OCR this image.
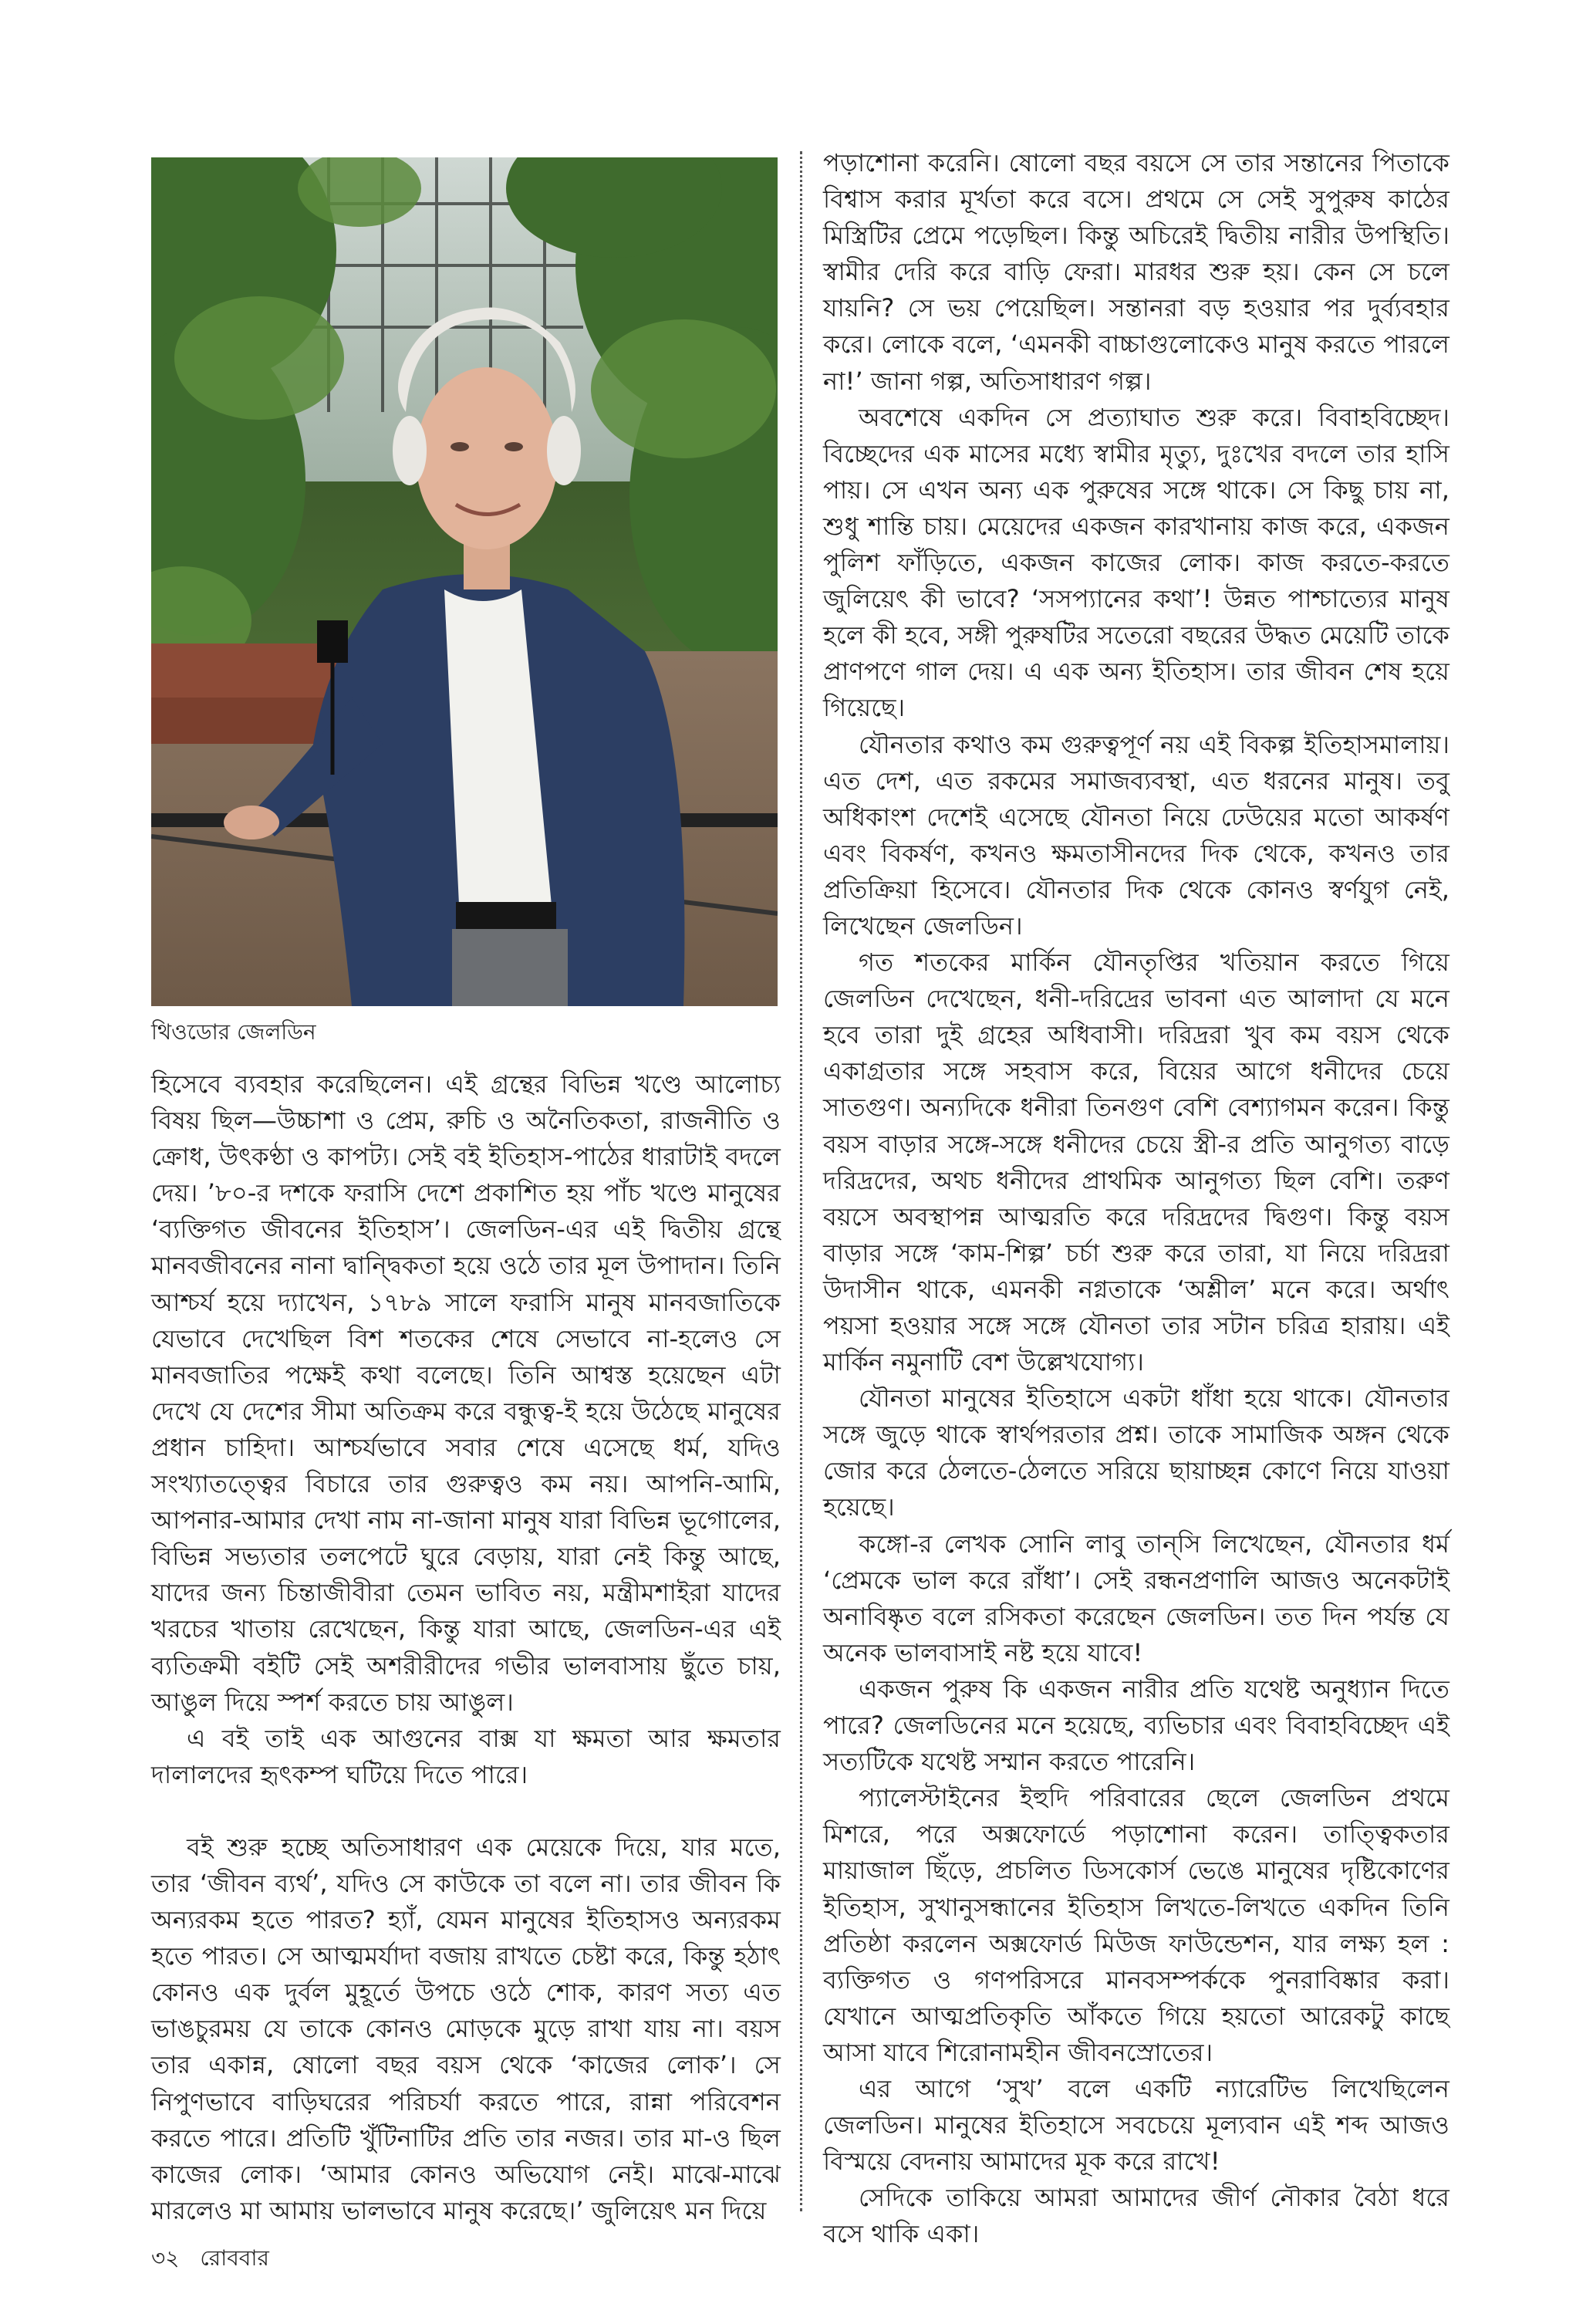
থিওডোর জেলডিন

হিসেবে ব্যবহার করেছিলেন। এই গ্রন্থের বিভিন্ন খণ্ডে আলোচ্য বিষয় ছিল—উচ্চাশা ও প্রেম, রুচি ও অনৈতিকতা, রাজনীতি ও ক্রোধ, উৎকণ্ঠা ও কাপট্য। সেই বই ইতিহাস-পাঠের ধারাটাই বদলে দেয়। ’৮০-র দশকে ফরাসি দেশে প্রকাশিত হয় পাঁচ খণ্ডে মানুষের ‘ব্যক্তিগত জীবনের ইতিহাস’। জেলডিন-এর এই দ্বিতীয় গ্রন্থে মানবজীবনের নানা দ্বান্দ্বিকতা হয়ে ওঠে তার মূল উপাদান। তিনি আশ্চর্য হয়ে দ্যাখেন, ১৭৮৯ সালে ফরাসি মানুষ মানবজাতিকে যেভাবে দেখেছিল বিশ শতকের শেষে সেভাবে না-হলেও সে মানবজাতির পক্ষেই কথা বলেছে। তিনি আশ্বস্ত হয়েছেন এটা দেখে যে দেশের সীমা অতিক্রম করে বন্ধুত্ব-ই হয়ে উঠেছে মানুষের প্রধান চাহিদা। আশ্চর্যভাবে সবার শেষে এসেছে ধর্ম, যদিও সংখ্যাতত্ত্বের বিচারে তার গুরুত্বও কম নয়। আপনি-আমি, আপনার-আমার দেখা নাম না-জানা মানুষ যারা বিভিন্ন ভূগোলের, বিভিন্ন সভ্যতার তলপেটে ঘুরে বেড়ায়, যারা নেই কিন্তু আছে, যাদের জন্য চিন্তাজীবীরা তেমন ভাবিত নয়, মন্ত্রীমশাইরা যাদের খরচের খাতায় রেখেছেন, কিন্তু যারা আছে, জেলডিন-এর এই ব্যতিক্রমী বইটি সেই অশরীরীদের গভীর ভালবাসায় ছুঁতে চায়, আঙুল দিয়ে স্পর্শ করতে চায় আঙুল।

এ বই তাই এক আগুনের বাক্স যা ক্ষমতা আর ক্ষমতার দালালদের হৃৎকম্প ঘটিয়ে দিতে পারে।

বই শুরু হচ্ছে অতিসাধারণ এক মেয়েকে দিয়ে, যার মতে, তার ‘জীবন ব্যর্থ’, যদিও সে কাউকে তা বলে না। তার জীবন কি অন্যরকম হতে পারত? হ্যাঁ, যেমন মানুষের ইতিহাসও অন্যরকম হতে পারত। সে আত্মমর্যাদা বজায় রাখতে চেষ্টা করে, কিন্তু হঠাৎ কোনও এক দুর্বল মুহূর্তে উপচে ওঠে শোক, কারণ সত্য এত ভাঙচুরময় যে তাকে কোনও মোড়কে মুড়ে রাখা যায় না। বয়স তার একান্ন, ষোলো বছর বয়স থেকে ‘কাজের লোক’। সে নিপুণভাবে বাড়িঘরের পরিচর্যা করতে পারে, রান্না পরিবেশন করতে পারে। প্রতিটি খুঁটিনাটির প্রতি তার নজর। তার মা-ও ছিল কাজের লোক। ‘আমার কোনও অভিযোগ নেই। মাঝে-মাঝে মারলেও মা আমায় ভালভাবে মানুষ করেছে।’ জুলিয়েৎ মন দিয়ে

পড়াশোনা করেনি। ষোলো বছর বয়সে সে তার সন্তানের পিতাকে বিশ্বাস করার মূর্খতা করে বসে। প্রথমে সে সেই সুপুরুষ কাঠের মিস্ত্রিটির প্রেমে পড়েছিল। কিন্তু অচিরেই দ্বিতীয় নারীর উপস্থিতি। স্বামীর দেরি করে বাড়ি ফেরা। মারধর শুরু হয়। কেন সে চলে যায়নি? সে ভয় পেয়েছিল। সন্তানরা বড় হওয়ার পর দুর্ব্যবহার করে। লোকে বলে, ‘এমনকী বাচ্চাগুলোকেও মানুষ করতে পারলে না!’ জানা গল্প, অতিসাধারণ গল্প।

অবশেষে একদিন সে প্রত্যাঘাত শুরু করে। বিবাহবিচ্ছেদ। বিচ্ছেদের এক মাসের মধ্যে স্বামীর মৃত্যু, দুঃখের বদলে তার হাসি পায়। সে এখন অন্য এক পুরুষের সঙ্গে থাকে। সে কিছু চায় না, শুধু শান্তি চায়। মেয়েদের একজন কারখানায় কাজ করে, একজন পুলিশ ফাঁড়িতে, একজন কাজের লোক। কাজ করতে-করতে জুলিয়েৎ কী ভাবে? ‘সসপ্যানের কথা’! উন্নত পাশ্চাত্যের মানুষ হলে কী হবে, সঙ্গী পুরুষটির সতেরো বছরের উদ্ধত মেয়েটি তাকে প্রাণপণে গাল দেয়। এ এক অন্য ইতিহাস। তার জীবন শেষ হয়ে গিয়েছে।

যৌনতার কথাও কম গুরুত্বপূর্ণ নয় এই বিকল্প ইতিহাসমালায়। এত দেশ, এত রকমের সমাজব্যবস্থা, এত ধরনের মানুষ। তবু অধিকাংশ দেশেই এসেছে যৌনতা নিয়ে ঢেউয়ের মতো আকর্ষণ এবং বিকর্ষণ, কখনও ক্ষমতাসীনদের দিক থেকে, কখনও তার প্রতিক্রিয়া হিসেবে। যৌনতার দিক থেকে কোনও স্বর্ণযুগ নেই, লিখেছেন জেলডিন।

গত শতকের মার্কিন যৌনতৃপ্তির খতিয়ান করতে গিয়ে জেলডিন দেখেছেন, ধনী-দরিদ্রের ভাবনা এত আলাদা যে মনে হবে তারা দুই গ্রহের অধিবাসী। দরিদ্ররা খুব কম বয়স থেকে একাগ্রতার সঙ্গে সহবাস করে, বিয়ের আগে ধনীদের চেয়ে সাতগুণ। অন্যদিকে ধনীরা তিনগুণ বেশি বেশ্যাগমন করেন। কিন্তু বয়স বাড়ার সঙ্গে-সঙ্গে ধনীদের চেয়ে স্ত্রী-র প্রতি আনুগত্য বাড়ে দরিদ্রদের, অথচ ধনীদের প্রাথমিক আনুগত্য ছিল বেশি। তরুণ বয়সে অবস্থাপন্ন আত্মরতি করে দরিদ্রদের দ্বিগুণ। কিন্তু বয়স বাড়ার সঙ্গে ‘কাম-শিল্প’ চর্চা শুরু করে তারা, যা নিয়ে দরিদ্ররা উদাসীন থাকে, এমনকী নগ্নতাকে ‘অশ্লীল’ মনে করে। অর্থাৎ পয়সা হওয়ার সঙ্গে সঙ্গে যৌনতা তার সটান চরিত্র হারায়। এই মার্কিন নমুনাটি বেশ উল্লেখযোগ্য।

যৌনতা মানুষের ইতিহাসে একটা ধাঁধা হয়ে থাকে। যৌনতার সঙ্গে জুড়ে থাকে স্বার্থপরতার প্রশ্ন। তাকে সামাজিক অঙ্গন থেকে জোর করে ঠেলতে-ঠেলতে সরিয়ে ছায়াচ্ছন্ন কোণে নিয়ে যাওয়া হয়েছে।

কঙ্গো-র লেখক সোনি লাবু তান্‌সি লিখেছেন, যৌনতার ধর্ম ‘প্রেমকে ভাল করে রাঁধা’। সেই রন্ধনপ্রণালি আজও অনেকটাই অনাবিষ্কৃত বলে রসিকতা করেছেন জেলডিন। তত দিন পর্যন্ত যে অনেক ভালবাসাই নষ্ট হয়ে যাবে!

একজন পুরুষ কি একজন নারীর প্রতি যথেষ্ট অনুধ্যান দিতে পারে? জেলডিনের মনে হয়েছে, ব্যভিচার এবং বিবাহবিচ্ছেদ এই সত্যটিকে যথেষ্ট সম্মান করতে পারেনি।

প্যালেস্টাইনের ইহুদি পরিবারের ছেলে জেলডিন প্রথমে মিশরে, পরে অক্সফোর্ডে পড়াশোনা করেন। তাত্ত্বিকতার মায়াজাল ছিঁড়ে, প্রচলিত ডিসকোর্স ভেঙে মানুষের দৃষ্টিকোণের ইতিহাস, সুখানুসন্ধানের ইতিহাস লিখতে-লিখতে একদিন তিনি প্রতিষ্ঠা করলেন অক্সফোর্ড মিউজ ফাউন্ডেশন, যার লক্ষ্য হল : ব্যক্তিগত ও গণপরিসরে মানবসম্পর্ককে পুনরাবিষ্কার করা। যেখানে আত্মপ্রতিকৃতি আঁকতে গিয়ে হয়তো আরেকটু কাছে আসা যাবে শিরোনামহীন জীবনস্রোতের।

এর আগে ‘সুখ’ বলে একটি ন্যারেটিভ লিখেছিলেন জেলডিন। মানুষের ইতিহাসে সবচেয়ে মূল্যবান এই শব্দ আজও বিস্ময়ে বেদনায় আমাদের মূক করে রাখে!

সেদিকে তাকিয়ে আমরা আমাদের জীর্ণ নৌকার বৈঠা ধরে বসে থাকি একা।

৩২ রোববার
